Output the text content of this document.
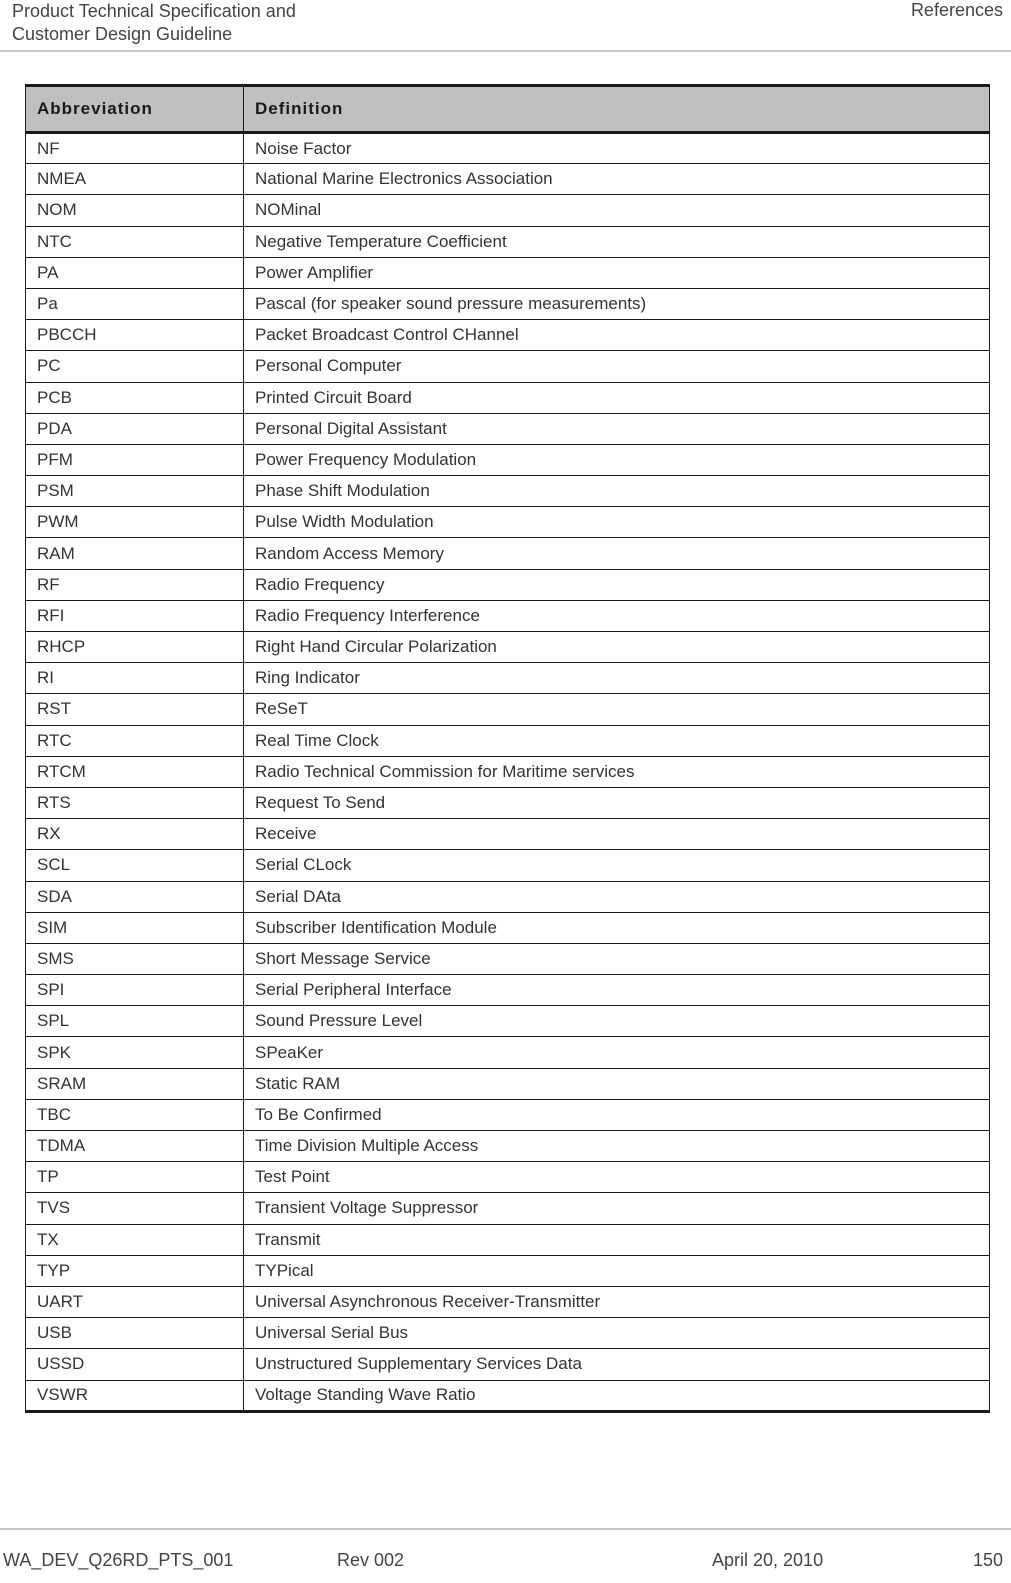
Product Technical Specification and
Customer Design Guideline
References
Abbreviation	Definition
NF	Noise Factor
NMEA	National Marine Electronics Association
NOM	NOMinal
NTC	Negative Temperature Coefficient
PA	Power Amplifier
Pa	Pascal (for speaker sound pressure measurements)
PBCCH	Packet Broadcast Control CHannel
PC	Personal Computer
PCB	Printed Circuit Board
PDA	Personal Digital Assistant
PFM	Power Frequency Modulation
PSM	Phase Shift Modulation
PWM	Pulse Width Modulation
RAM	Random Access Memory
RF	Radio Frequency
RFI	Radio Frequency Interference
RHCP	Right Hand Circular Polarization
RI	Ring Indicator
RST	ReSeT
RTC	Real Time Clock
RTCM	Radio Technical Commission for Maritime services
RTS	Request To Send
RX	Receive
SCL	Serial CLock
SDA	Serial DAta
SIM	Subscriber Identification Module
SMS	Short Message Service
SPI	Serial Peripheral Interface
SPL	Sound Pressure Level
SPK	SPeaKer
SRAM	Static RAM
TBC	To Be Confirmed
TDMA	Time Division Multiple Access
TP	Test Point
TVS	Transient Voltage Suppressor
TX	Transmit
TYP	TYPical
UART	Universal Asynchronous Receiver-Transmitter
USB	Universal Serial Bus
USSD	Unstructured Supplementary Services Data
VSWR	Voltage Standing Wave Ratio
WA_DEV_Q26RD_PTS_001	Rev 002	April 20, 2010	150
